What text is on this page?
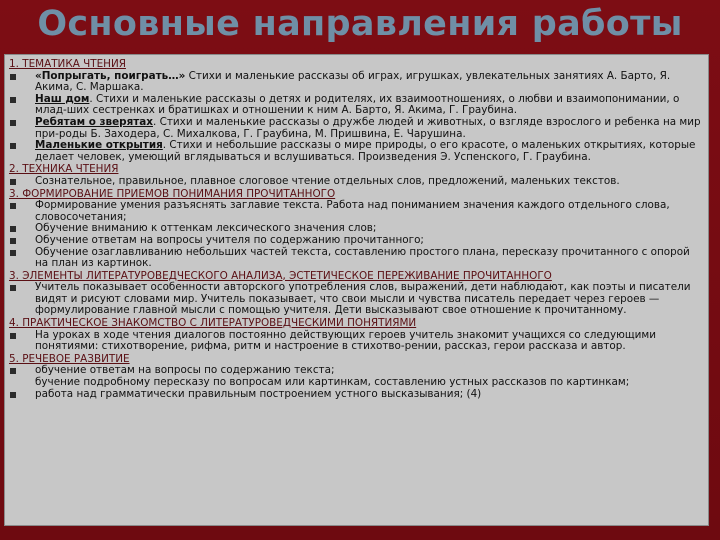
Основные направления работы
1. ТЕМАТИКА ЧТЕНИЯ
«Попрыгать, поиграть…» Стихи и маленькие рассказы об играх, игрушках, увлекательных занятиях А. Барто, Я. Акима, С. Маршака.
Наш дом. Стихи и маленькие рассказы о детях и родителях, их взаимоотношениях, о любви и взаимопонимании, о млад-ших сестренках и братишках и отношении к ним А. Барто, Я. Акима, Г. Граубина.
Ребятам о зверятах. Стихи и маленькие рассказы о дружбе людей и животных, о взгляде взрослого и ребенка на мир при-роды Б. Заходера, С. Михалкова, Г. Граубина, М. Пришвина, Е. Чарушина.
Маленькие открытия. Стихи и небольшие рассказы о мире природы, о его красоте, о маленьких открытиях, которые делает человек, умеющий вглядываться и вслушиваться. Произведения Э. Успенского, Г. Граубина.
2. ТЕХНИКА ЧТЕНИЯ
Сознательное, правильное, плавное слоговое чтение отдельных слов, предложений, маленьких текстов.
3. ФОРМИРОВАНИЕ ПРИЕМОВ ПОНИМАНИЯ ПРОЧИТАННОГО
Формирование умения разъяснять заглавие текста. Работа над пониманием значения каждого отдельного слова, словосочетания;
Обучение вниманию к оттенкам лексического значения слов;
Обучение ответам на вопросы учителя по содержанию прочитанного;
Обучение озаглавливанию небольших частей текста, составлению простого плана, пересказу прочитанного с опорой на план из картинок.
3. ЭЛЕМЕНТЫ ЛИТЕРАТУРОВЕДЧЕСКОГО АНАЛИЗА, ЭСТЕТИЧЕСКОЕ ПЕРЕЖИВАНИЕ ПРОЧИТАННОГО
Учитель показывает особенности авторского употребления слов, выражений, дети наблюдают, как поэты и писатели видят и рисуют словами мир. Учитель показывает, что свои мысли и чувства писатель передает через героев —формулирование главной мысли с помощью учителя. Дети высказывают свое отношение к прочитанному.
4. ПРАКТИЧЕСКОЕ ЗНАКОМСТВО С ЛИТЕРАТУРОВЕДЧЕСКИМИ ПОНЯТИЯМИ
На уроках в ходе чтения диалогов постоянно действующих героев учитель знакомит учащихся со следующими понятиями: стихотворение, рифма, ритм и настроение в стихотво-рении, рассказ, герои рассказа и автор.
5. РЕЧЕВОЕ РАЗВИТИЕ
обучение ответам на вопросы по содержанию текста;
бучение подробному пересказу по вопросам или картинкам, составлению устных рассказов по картинкам;
работа над грамматически правильным построением устного высказывания; (4)
